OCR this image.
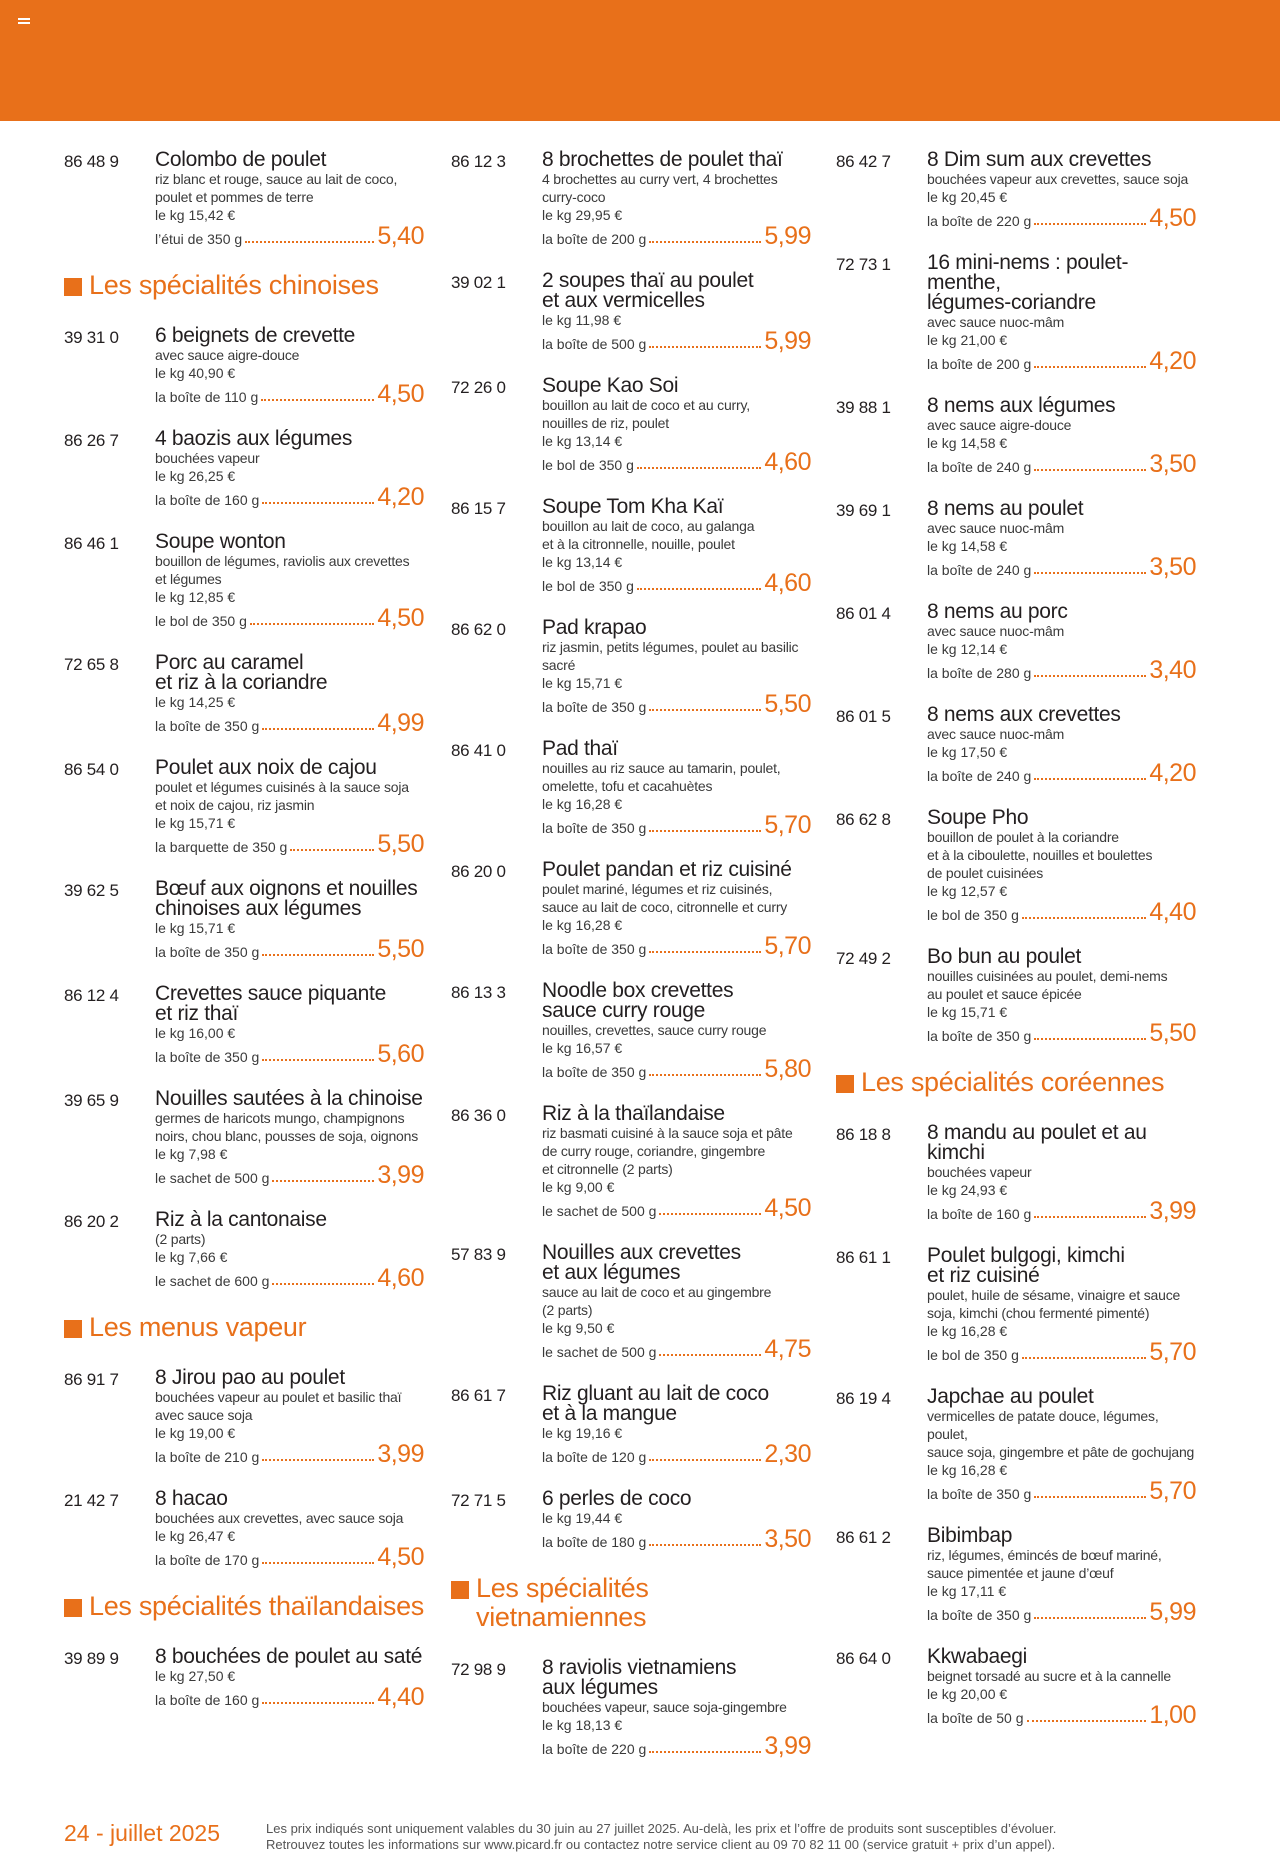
86 48 9 Colombo de poulet
riz blanc et rouge, sauce au lait de coco,
poulet et pommes de terre
le kg 15,42 €
l’étui de 350 g	5,40
Les spécialités chinoises
39 31 0 6 beignets de crevette
avec sauce aigre-douce
le kg 40,90 €
la boîte de 110 g	4,50
86 26 7 4 baozis aux légumes
bouchées vapeur
le kg 26,25 €
la boîte de 160 g	4,20
86 46 1 Soupe wonton
bouillon de légumes, raviolis aux crevettes
et légumes
le kg 12,85 €
le bol de 350 g	4,50
72 65 8 Porc au caramel
et riz à la coriandre
le kg 14,25 €
la boîte de 350 g	4,99
86 54 0 Poulet aux noix de cajou
poulet et légumes cuisinés à la sauce soja
et noix de cajou, riz jasmin
le kg 15,71 €
la barquette de 350 g	5,50
39 62 5 Bœuf aux oignons et nouilles
chinoises aux légumes
le kg 15,71 €
la boîte de 350 g	5,50
86 12 4 Crevettes sauce piquante
et riz thaï
le kg 16,00 €
la boîte de 350 g	5,60
39 65 9 Nouilles sautées à la chinoise
germes de haricots mungo, champignons
noirs, chou blanc, pousses de soja, oignons
le kg 7,98 €
le sachet de 500 g	3,99
86 20 2 Riz à la cantonaise
(2 parts)
le kg 7,66 €
le sachet de 600 g	4,60
Les menus vapeur
86 91 7 8 Jirou pao au poulet
bouchées vapeur au poulet et basilic thaï
avec sauce soja
le kg 19,00 €
la boîte de 210 g	3,99
21 42 7 8 hacao
bouchées aux crevettes, avec sauce soja
le kg 26,47 €
la boîte de 170 g	4,50
Les spécialités thaïlandaises
39 89 9 8 bouchées de poulet au saté
le kg 27,50 €
la boîte de 160 g	4,40
86 12 3 8 brochettes de poulet thaï
4 brochettes au curry vert, 4 brochettes
curry-coco
le kg 29,95 €
la boîte de 200 g	5,99
39 02 1 2 soupes thaï au poulet
et aux vermicelles
le kg 11,98 €
la boîte de 500 g	5,99
72 26 0 Soupe Kao Soi
bouillon au lait de coco et au curry,
nouilles de riz, poulet
le kg 13,14 €
le bol de 350 g	4,60
86 15 7 Soupe Tom Kha Kaï
bouillon au lait de coco, au galanga
et à la citronnelle, nouille, poulet
le kg 13,14 €
le bol de 350 g	4,60
86 62 0 Pad krapao
riz jasmin, petits légumes, poulet au basilic
sacré
le kg 15,71 €
la boîte de 350 g	5,50
86 41 0 Pad thaï
nouilles au riz sauce au tamarin, poulet,
omelette, tofu et cacahuètes
le kg 16,28 €
la boîte de 350 g	5,70
86 20 0 Poulet pandan et riz cuisiné
poulet mariné, légumes et riz cuisinés,
sauce au lait de coco, citronnelle et curry
le kg 16,28 €
la boîte de 350 g	5,70
86 13 3 Noodle box crevettes
sauce curry rouge
nouilles, crevettes, sauce curry rouge
le kg 16,57 €
la boîte de 350 g	5,80
86 36 0 Riz à la thaïlandaise
riz basmati cuisiné à la sauce soja et pâte
de curry rouge, coriandre, gingembre
et citronnelle (2 parts)
le kg 9,00 €
le sachet de 500 g	4,50
57 83 9 Nouilles aux crevettes
et aux légumes
sauce au lait de coco et au gingembre
(2 parts)
le kg 9,50 €
le sachet de 500 g	4,75
86 61 7 Riz gluant au lait de coco
et à la mangue
le kg 19,16 €
la boîte de 120 g	2,30
72 71 5 6 perles de coco
le kg 19,44 €
la boîte de 180 g	3,50
Les spécialités
vietnamiennes
72 98 9 8 raviolis vietnamiens
aux légumes
bouchées vapeur, sauce soja-gingembre
le kg 18,13 €
la boîte de 220 g	3,99
86 42 7 8 Dim sum aux crevettes
bouchées vapeur aux crevettes, sauce soja
le kg 20,45 €
la boîte de 220 g	4,50
72 73 1 16 mini-nems : poulet-menthe,
légumes-coriandre
avec sauce nuoc-mâm
le kg 21,00 €
la boîte de 200 g	4,20
39 88 1 8 nems aux légumes
avec sauce aigre-douce
le kg 14,58 €
la boîte de 240 g	3,50
39 69 1 8 nems au poulet
avec sauce nuoc-mâm
le kg 14,58 €
la boîte de 240 g	3,50
86 01 4 8 nems au porc
avec sauce nuoc-mâm
le kg 12,14 €
la boîte de 280 g	3,40
86 01 5 8 nems aux crevettes
avec sauce nuoc-mâm
le kg 17,50 €
la boîte de 240 g	4,20
86 62 8 Soupe Pho
bouillon de poulet à la coriandre
et à la ciboulette, nouilles et boulettes
de poulet cuisinées
le kg 12,57 €
le bol de 350 g	4,40
72 49 2 Bo bun au poulet
nouilles cuisinées au poulet, demi-nems
au poulet et sauce épicée
le kg 15,71 €
la boîte de 350 g	5,50
Les spécialités coréennes
86 18 8 8 mandu au poulet et au kimchi
bouchées vapeur
le kg 24,93 €
la boîte de 160 g	3,99
86 61 1 Poulet bulgogi, kimchi
et riz cuisiné
poulet, huile de sésame, vinaigre et sauce
soja, kimchi (chou fermenté pimenté)
le kg 16,28 €
le bol de 350 g	5,70
86 19 4 Japchae au poulet
vermicelles de patate douce, légumes, poulet,
sauce soja, gingembre et pâte de gochujang
le kg 16,28 €
la boîte de 350 g	5,70
86 61 2 Bibimbap
riz, légumes, émincés de bœuf mariné,
sauce pimentée et jaune d’œuf
le kg 17,11 €
la boîte de 350 g	5,99
86 64 0 Kkwabaegi
beignet torsadé au sucre et à la cannelle
le kg 20,00 €
la boîte de 50 g	1,00
24 - juillet 2025	Les prix indiqués sont uniquement valables du 30 juin au 27 juillet 2025. Au-delà, les prix et l’offre de produits sont susceptibles d’évoluer.
Retrouvez toutes les informations sur www.picard.fr ou contactez notre service client au 09 70 82 11 00 (service gratuit + prix d’un appel).
